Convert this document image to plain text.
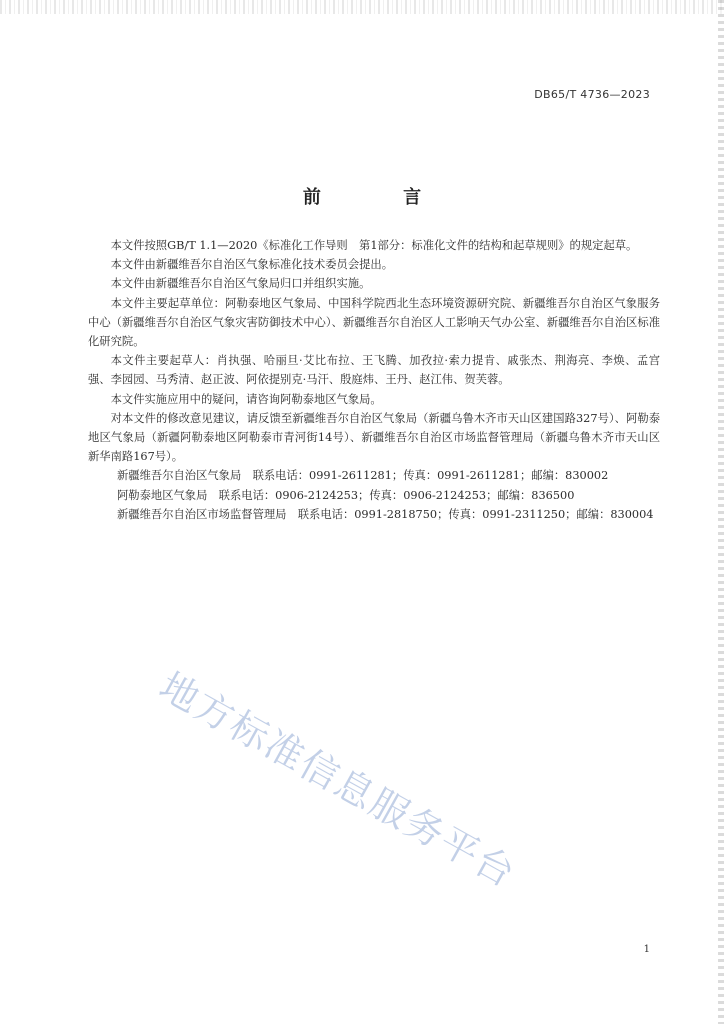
DB65/T 4736—2023
前 言

本文件按照GB/T 1.1—2020《标准化工作导则　第1部分：标准化文件的结构和起草规则》的规定起草。

本文件由新疆维吾尔自治区气象标准化技术委员会提出。

本文件由新疆维吾尔自治区气象局归口并组织实施。

本文件主要起草单位：阿勒泰地区气象局、中国科学院西北生态环境资源研究院、新疆维吾尔自治区气象服务中心（新疆维吾尔自治区气象灾害防御技术中心）、新疆维吾尔自治区人工影响天气办公室、新疆维吾尔自治区标准化研究院。

本文件主要起草人：肖执强、哈丽旦·艾比布拉、王飞腾、加孜拉·索力提肯、戚张杰、荆海亮、李焕、孟宫强、李园园、马秀清、赵正波、阿依提别克·马汗、殷庭炜、王丹、赵江伟、贺芙蓉。

本文件实施应用中的疑问，请咨询阿勒泰地区气象局。

对本文件的修改意见建议，请反馈至新疆维吾尔自治区气象局（新疆乌鲁木齐市天山区建国路327号）、阿勒泰地区气象局（新疆阿勒泰地区阿勒泰市青河街14号）、新疆维吾尔自治区市场监督管理局（新疆乌鲁木齐市天山区新华南路167号）。

新疆维吾尔自治区气象局　联系电话：0991-2611281；传真：0991-2611281；邮编：830002

阿勒泰地区气象局　联系电话：0906-2124253；传真：0906-2124253；邮编：836500

新疆维吾尔自治区市场监督管理局　联系电话：0991-2818750；传真：0991-2311250；邮编：830004

地方标准信息服务平台
1
